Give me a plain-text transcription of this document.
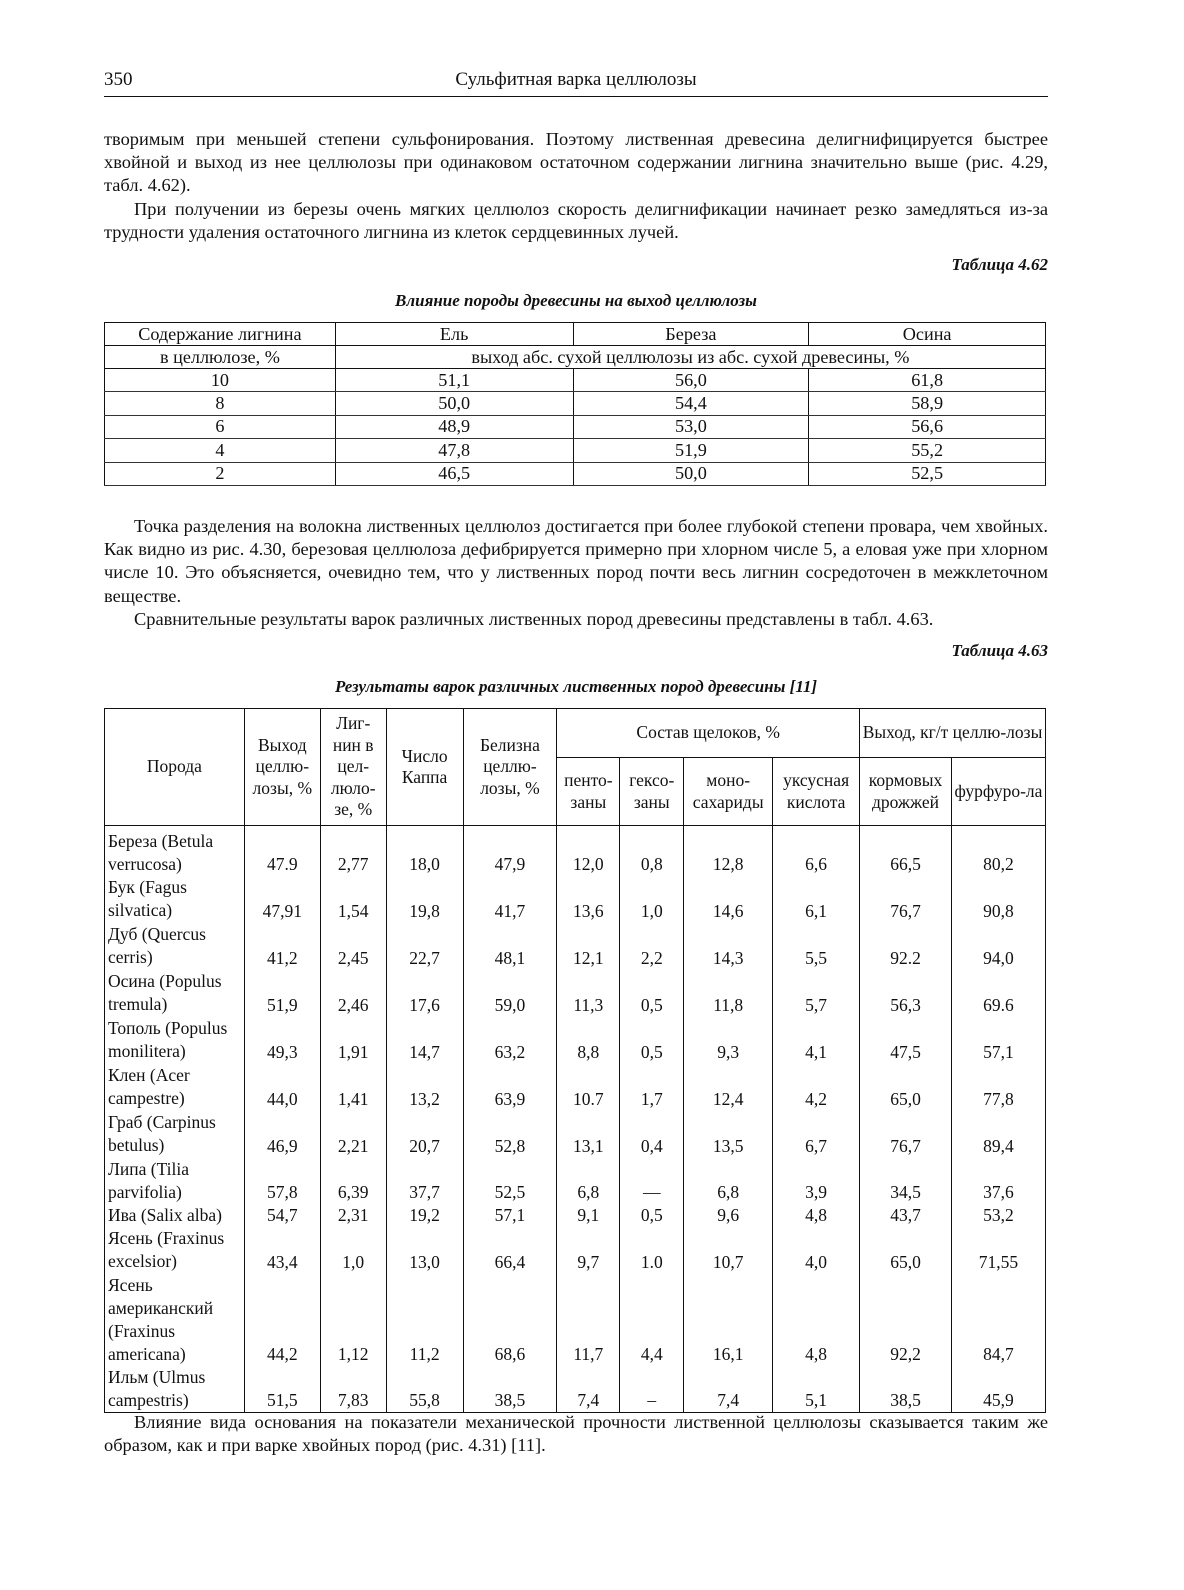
350	Сульфитная варка целлюлозы

творимым при меньшей степени сульфонирования. Поэтому лиственная древесина делигнифицируется быстрее хвойной и выход из нее целлюлозы при одинаковом остаточном содержании лигнина значительно выше (рис. 4.29, табл. 4.62).

При получении из березы очень мягких целлюлоз скорость делигнификации начинает резко замедляться из-за трудности удаления остаточного лигнина из клеток сердцевинных лучей.

Таблица 4.62
Влияние породы древесины на выход целлюлозы
Содержание лигнина	Ель	Береза	Осина
в целлюлозе, %	выход абс. сухой целлюлозы из абс. сухой древесины, %		
10	51,1	56,0	61,8
8	50,0	54,4	58,9
6	48,9	53,0	56,6
4	47,8	51,9	55,2
2	46,5	50,0	52,5

Точка разделения на волокна лиственных целлюлоз достигается при более глубокой степени провара, чем хвойных. Как видно из рис. 4.30, березовая целлюлоза дефибрируется примерно при хлорном числе 5, а еловая уже при хлорном числе 10. Это объясняется, очевидно тем, что у лиственных пород почти весь лигнин сосредоточен в межклеточном веществе.

Сравнительные результаты варок различных лиственных пород древесины представлены в табл. 4.63.

Таблица 4.63
Результаты варок различных лиственных пород древесины [11]
Порода	Выход целлю-лозы, %	Лиг-нин в цел-люло-зе, %	Число Каппа	Белизна целлю-лозы, %	Состав щелоков, %				Выход, кг/т целлю-лозы	
					пенто-заны	гексо-заны	моно-сахариды	уксусная кислота	кормовых дрожжей	фурфуро-ла
Береза (Betula verrucosa)	47.9	2,77	18,0	47,9	12,0	0,8	12,8	6,6	66,5	80,2
Бук (Fagus silvatica)	47,91	1,54	19,8	41,7	13,6	1,0	14,6	6,1	76,7	90,8
Дуб (Quercus cerris)	41,2	2,45	22,7	48,1	12,1	2,2	14,3	5,5	92.2	94,0
Осина (Populus tremula)	51,9	2,46	17,6	59,0	11,3	0,5	11,8	5,7	56,3	69.6
Тополь (Populus monilitera)	49,3	1,91	14,7	63,2	8,8	0,5	9,3	4,1	47,5	57,1
Клен (Acer campestre)	44,0	1,41	13,2	63,9	10.7	1,7	12,4	4,2	65,0	77,8
Граб (Carpinus betulus)	46,9	2,21	20,7	52,8	13,1	0,4	13,5	6,7	76,7	89,4
Липа (Tilia parvifolia)	57,8	6,39	37,7	52,5	6,8	—	6,8	3,9	34,5	37,6
Ива (Salix alba)	54,7	2,31	19,2	57,1	9,1	0,5	9,6	4,8	43,7	53,2
Ясень (Fraxinus excelsior)	43,4	1,0	13,0	66,4	9,7	1.0	10,7	4,0	65,0	71,55
Ясень американский (Fraxinus americana)	44,2	1,12	11,2	68,6	11,7	4,4	16,1	4,8	92,2	84,7
Ильм (Ulmus campestris)	51,5	7,83	55,8	38,5	7,4	–	7,4	5,1	38,5	45,9

Влияние вида основания на показатели механической прочности лиственной целлюлозы сказывается таким же образом, как и при варке хвойных пород (рис. 4.31) [11].
